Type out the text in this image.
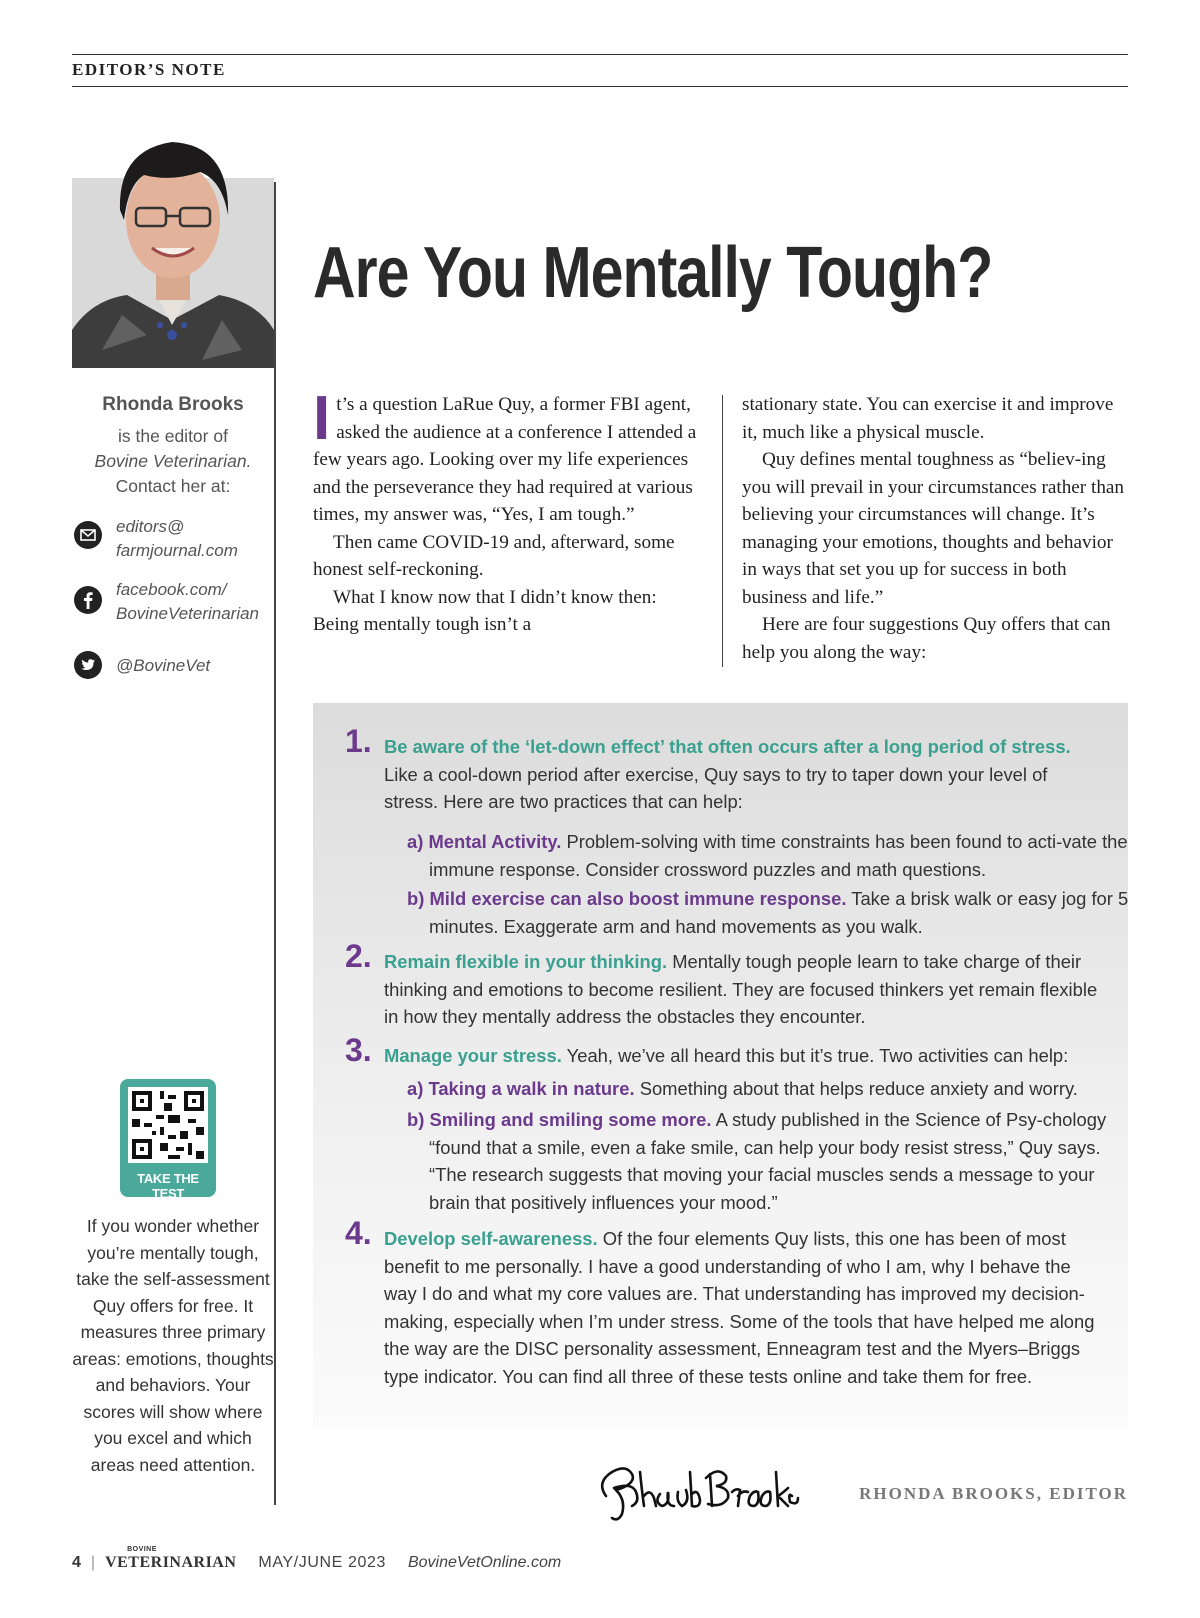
EDITOR’S NOTE
Rhonda Brooks
is the editor of
Bovine Veterinarian.
Contact her at:
editors@
farmjournal.com
facebook.com/
BovineVeterinarian
@BovineVet
TAKE THE TEST
If you wonder whether you’re mentally tough, take the self-assessment Quy offers for free. It measures three primary areas: emotions, thoughts and behaviors. Your scores will show where you excel and which areas need attention.
Are You Mentally Tough?
I t’s a question LaRue Quy, a former FBI agent, asked the audience at a conference I attended a few years ago. Looking over my life experiences and the perseverance they had required at various times, my answer was, “Yes, I am tough.”

Then came COVID-19 and, afterward, some honest self-reckoning.

What I know now that I didn’t know then: Being mentally tough isn’t a

stationary state. You can exercise it and improve it, much like a physical muscle.

Quy defines mental toughness as “believ-ing you will prevail in your circumstances rather than believing your circumstances will change. It’s managing your emotions, thoughts and behavior in ways that set you up for success in both business and life.”

Here are four suggestions Quy offers that can help you along the way:

1. Be aware of the ‘let-down effect’ that often occurs after a long period of stress. Like a cool-down period after exercise, Quy says to try to taper down your level of stress. Here are two practices that can help:
a) Mental Activity. Problem-solving with time constraints has been found to acti-vate the immune response. Consider crossword puzzles and math questions.
b) Mild exercise can also boost immune response. Take a brisk walk or easy jog for 5 minutes. Exaggerate arm and hand movements as you walk.
2. Remain flexible in your thinking. Mentally tough people learn to take charge of their thinking and emotions to become resilient. They are focused thinkers yet remain flexible in how they mentally address the obstacles they encounter.
3. Manage your stress. Yeah, we’ve all heard this but it’s true. Two activities can help:
a) Taking a walk in nature. Something about that helps reduce anxiety and worry.
b) Smiling and smiling some more. A study published in the Science of Psy-chology “found that a smile, even a fake smile, can help your body resist stress,” Quy says. “The research suggests that moving your facial muscles sends a message to your brain that positively influences your mood.”
4. Develop self-awareness. Of the four elements Quy lists, this one has been of most benefit to me personally. I have a good understanding of who I am, why I behave the way I do and what my core values are. That understanding has improved my decision-making, especially when I’m under stress. Some of the tools that have helped me along the way are the DISC personality assessment, Enneagram test and the Myers–Briggs type indicator. You can find all three of these tests online and take them for free.
RHONDA BROOKS, EDITOR
4 |
BOVINE
VETERINARIAN MAY/JUNE 2023 BovineVetOnline.com
